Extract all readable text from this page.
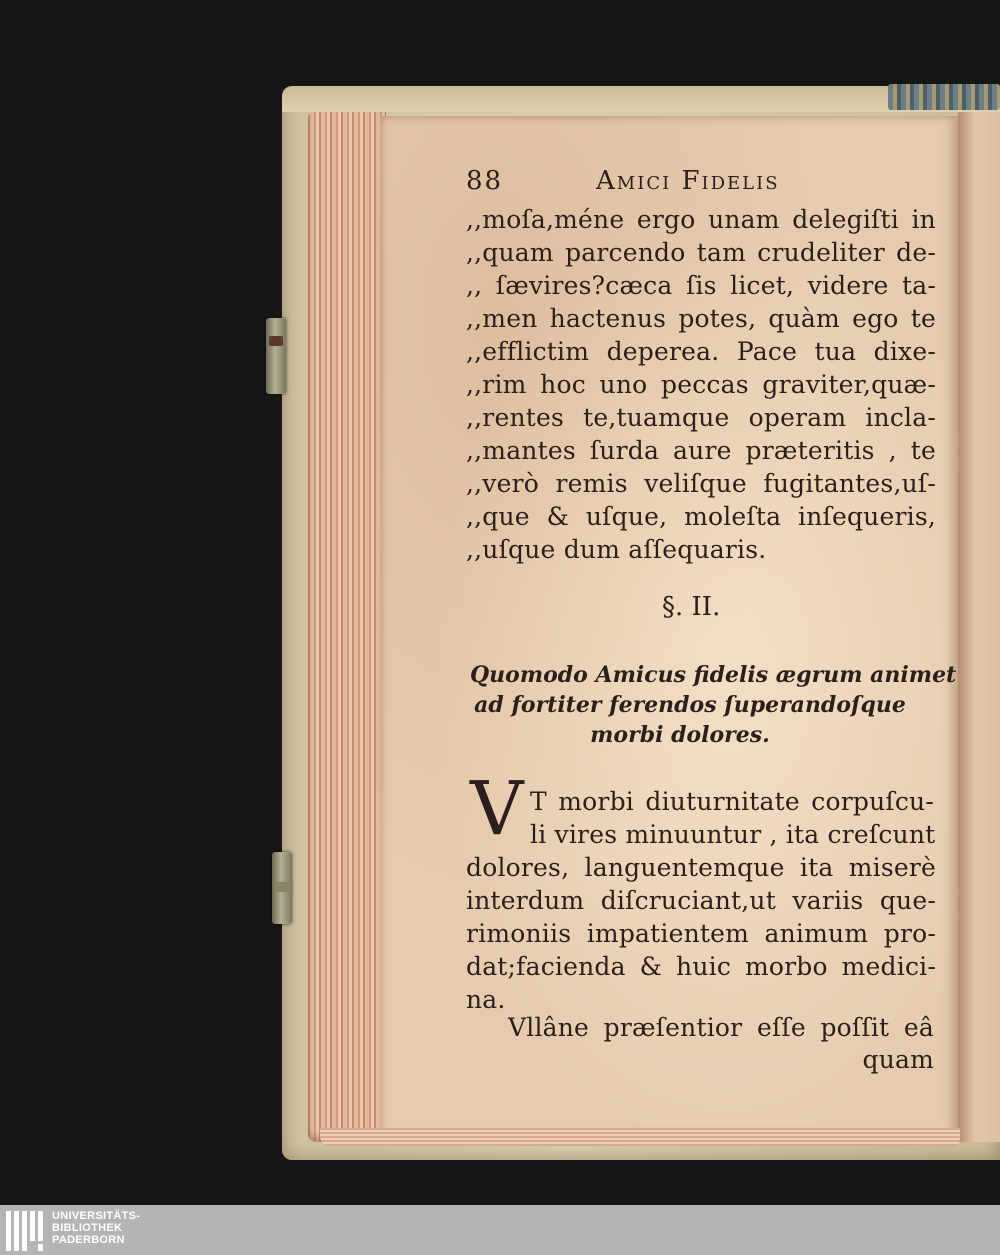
88	Amici Fidelis
,,moſa,méne ergo unam delegiſti in
,,quam parcendo tam crudeliter de-
,, ſævires?cæca ſis licet, videre ta-
,,men hactenus potes, quàm ego te
,,efflictim deperea. Pace tua dixe-
,,rim hoc uno peccas graviter,quæ-
,,rentes te,tuamque operam incla-
,,mantes ſurda aure præteritis , te
,,verò remis veliſque fugitantes,uſ-
,,que & uſque, moleſta inſequeris,
,,uſque dum aſſequaris.
§. II.
Quomodo Amicus fidelis ægrum animet
ad fortiter ferendos ſuperandoſque
morbi dolores.
V T morbi diuturnitate corpuſcu-
li vires minuuntur , ita creſcunt
dolores, languentemque ita miserè
interdum diſcruciant,ut variis que-
rimoniis impatientem animum pro-
dat;facienda & huic morbo medici-
na.
Vllâne præſentior eſſe poſſit eâ
quam
UNIVERSITÄTS-
BIBLIOTHEK
PADERBORN
